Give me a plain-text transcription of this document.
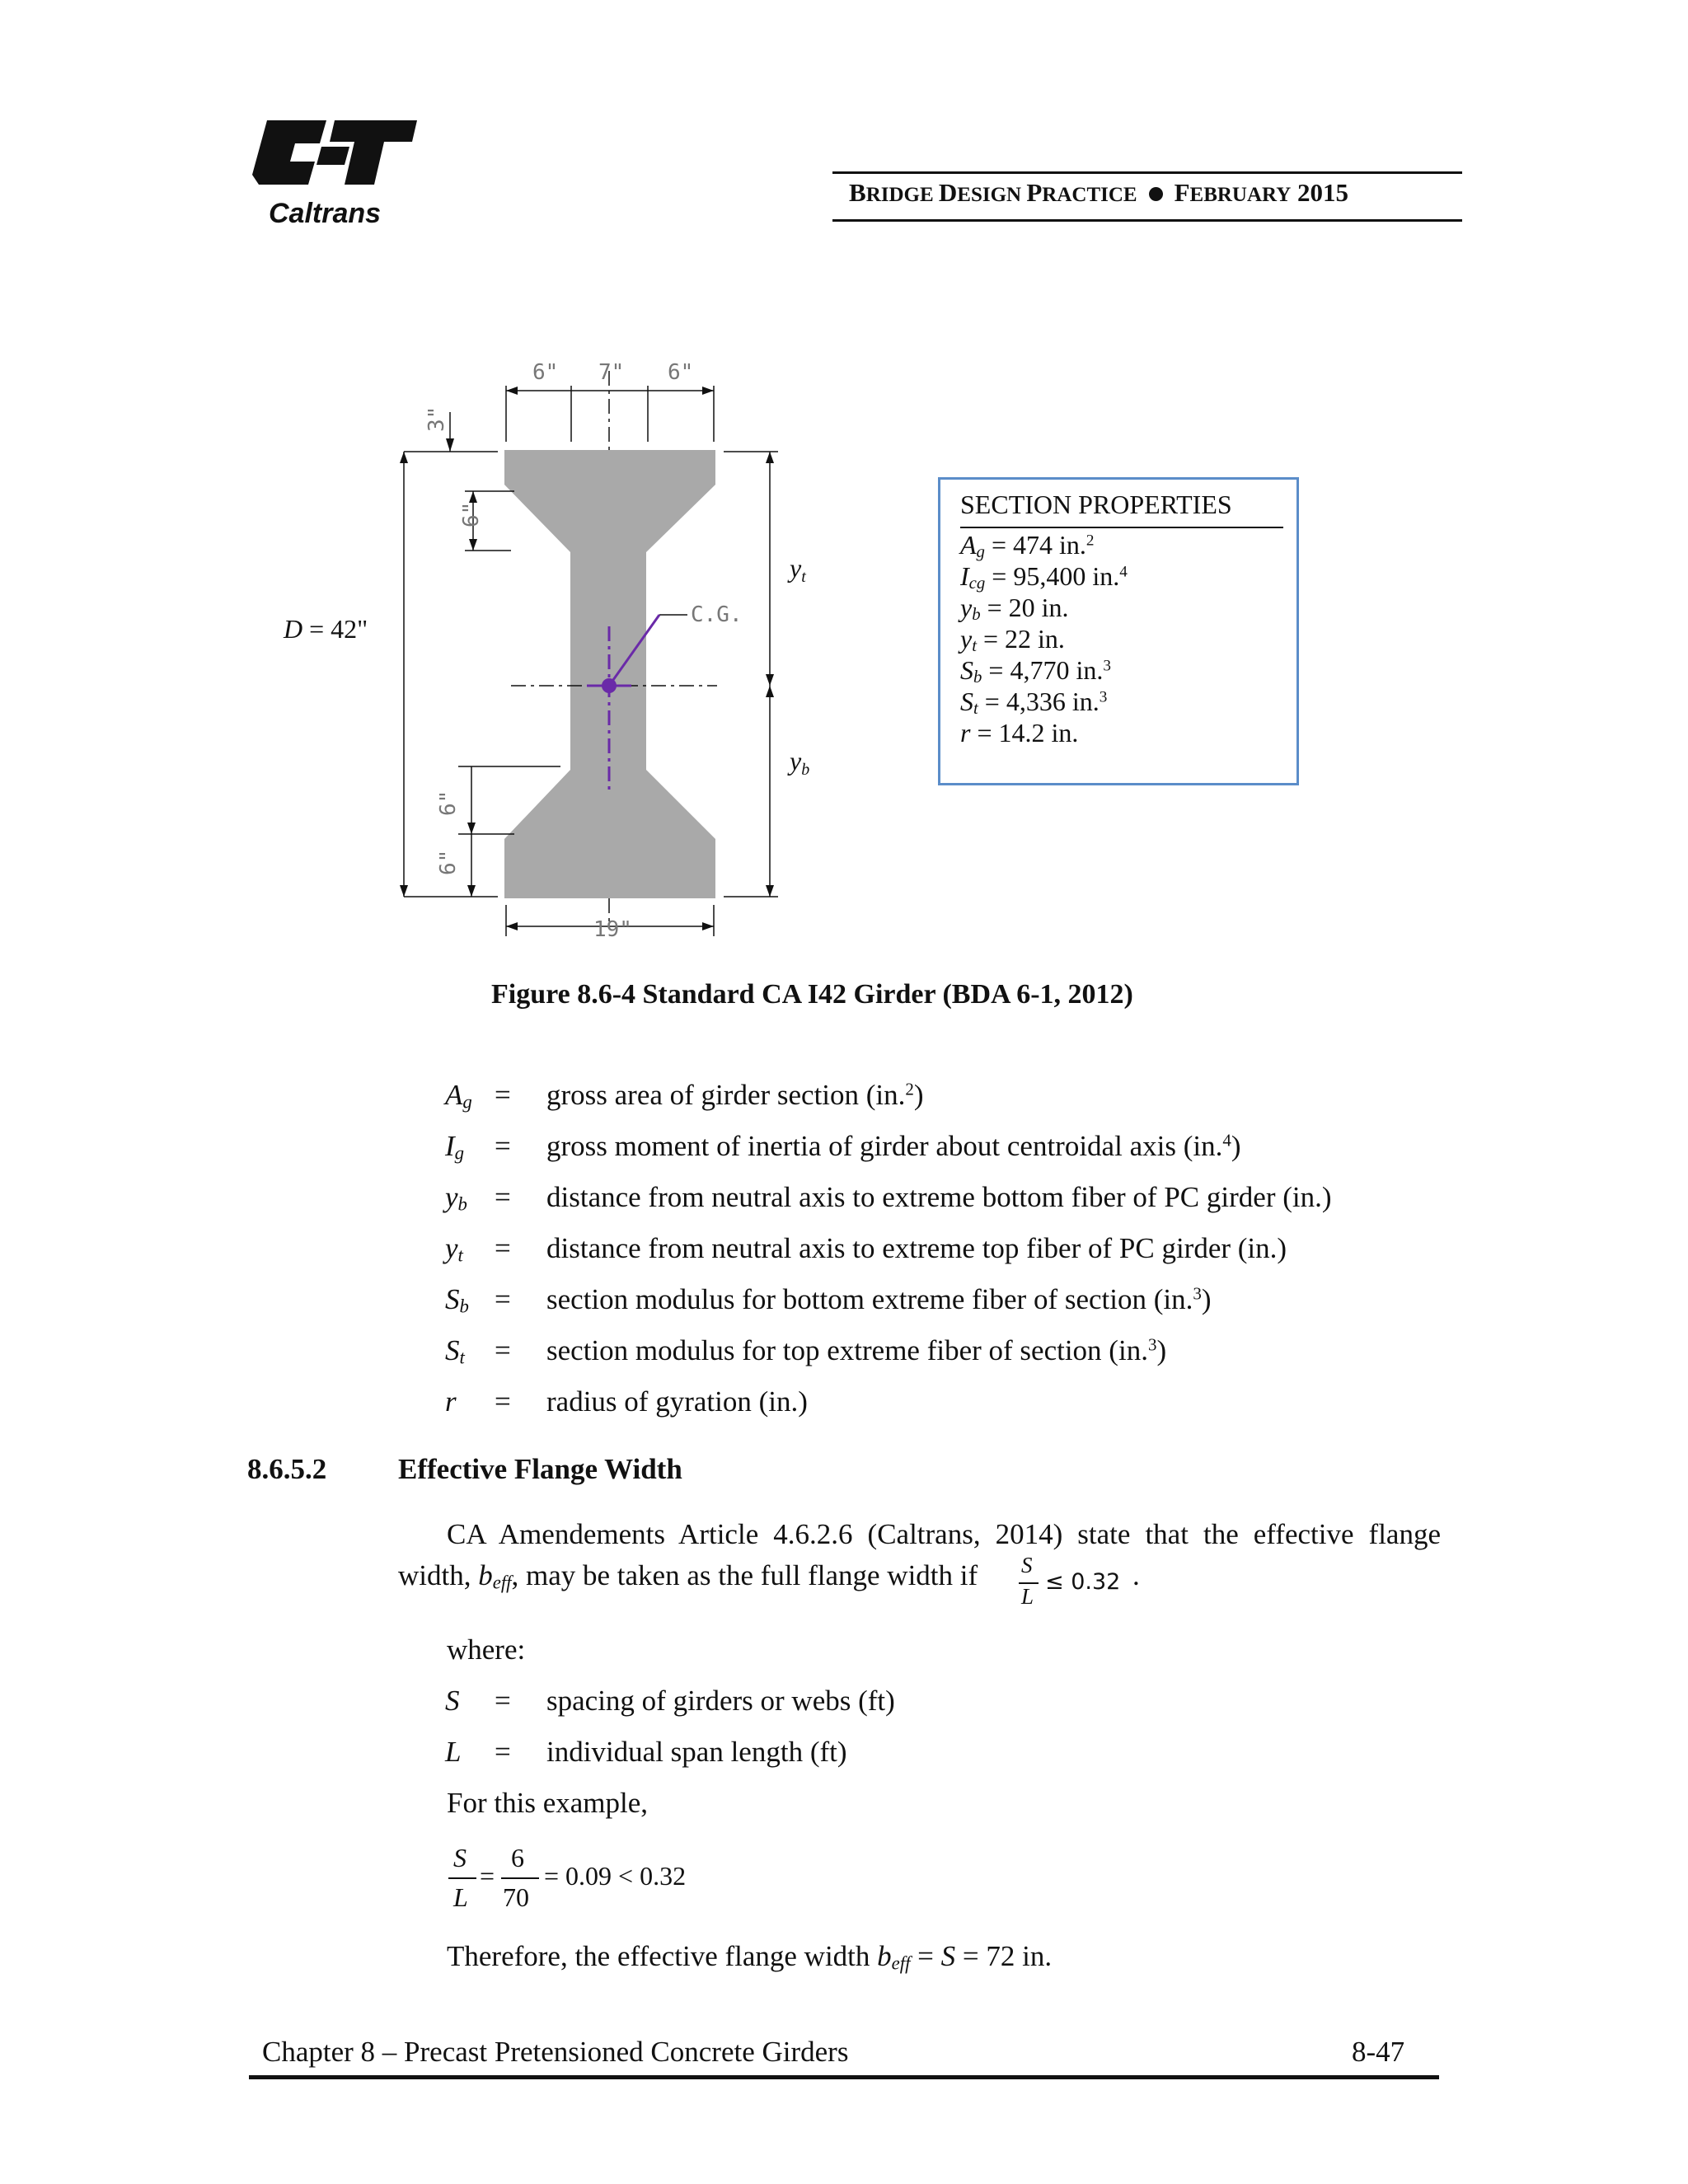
Caltrans
BRIDGE DESIGN PRACTICE FEBRUARY 2015
6" 7" 6"
19"
3"
6"
6"
6"
C.G.
D = 42"
yt
yb
SECTION PROPERTIES
$A_g = 474$ in.$^2$
$I_{cg} = 95,400$ in.$^4$
$y_b = 20$ in.
$y_t = 22$ in.
$S_b = 4,770$ in.$^3$
$S_t = 4,336$ in.$^3$
r = 14.2 in.
Figure 8.6-4 Standard CA I42 Girder (BDA 6-1, 2012)
$A_g$ = gross area of girder section (in.$^2$)
$I_g$ = gross moment of inertia of girder about centroidal axis (in.$^4$)
$y_b$ = distance from neutral axis to extreme bottom fiber of PC girder (in.)
$y_t$ = distance from neutral axis to extreme top fiber of PC girder (in.)
$S_b$ = section modulus for bottom extreme fiber of section (in.$^3$)
$S_t$ = section modulus for top extreme fiber of section (in.$^3$)
r = radius of gyration (in.)
8.6.5.2 Effective Flange Width
CA Amendements Article 4.6.2.6 (Caltrans, 2014) state that the effective flange
width, $b_{eff}$, may be taken as the full flange width if S
L
≤ 0.32 .
where:
S = spacing of girders or webs (ft)
L = individual span length (ft)
For this example,
S
L
=
6
70
= 0.09 < 0.32
Therefore, the effective flange width $b_{eff} = S = 72$ in.
Chapter 8 – Precast Pretensioned Concrete Girders	8-47
